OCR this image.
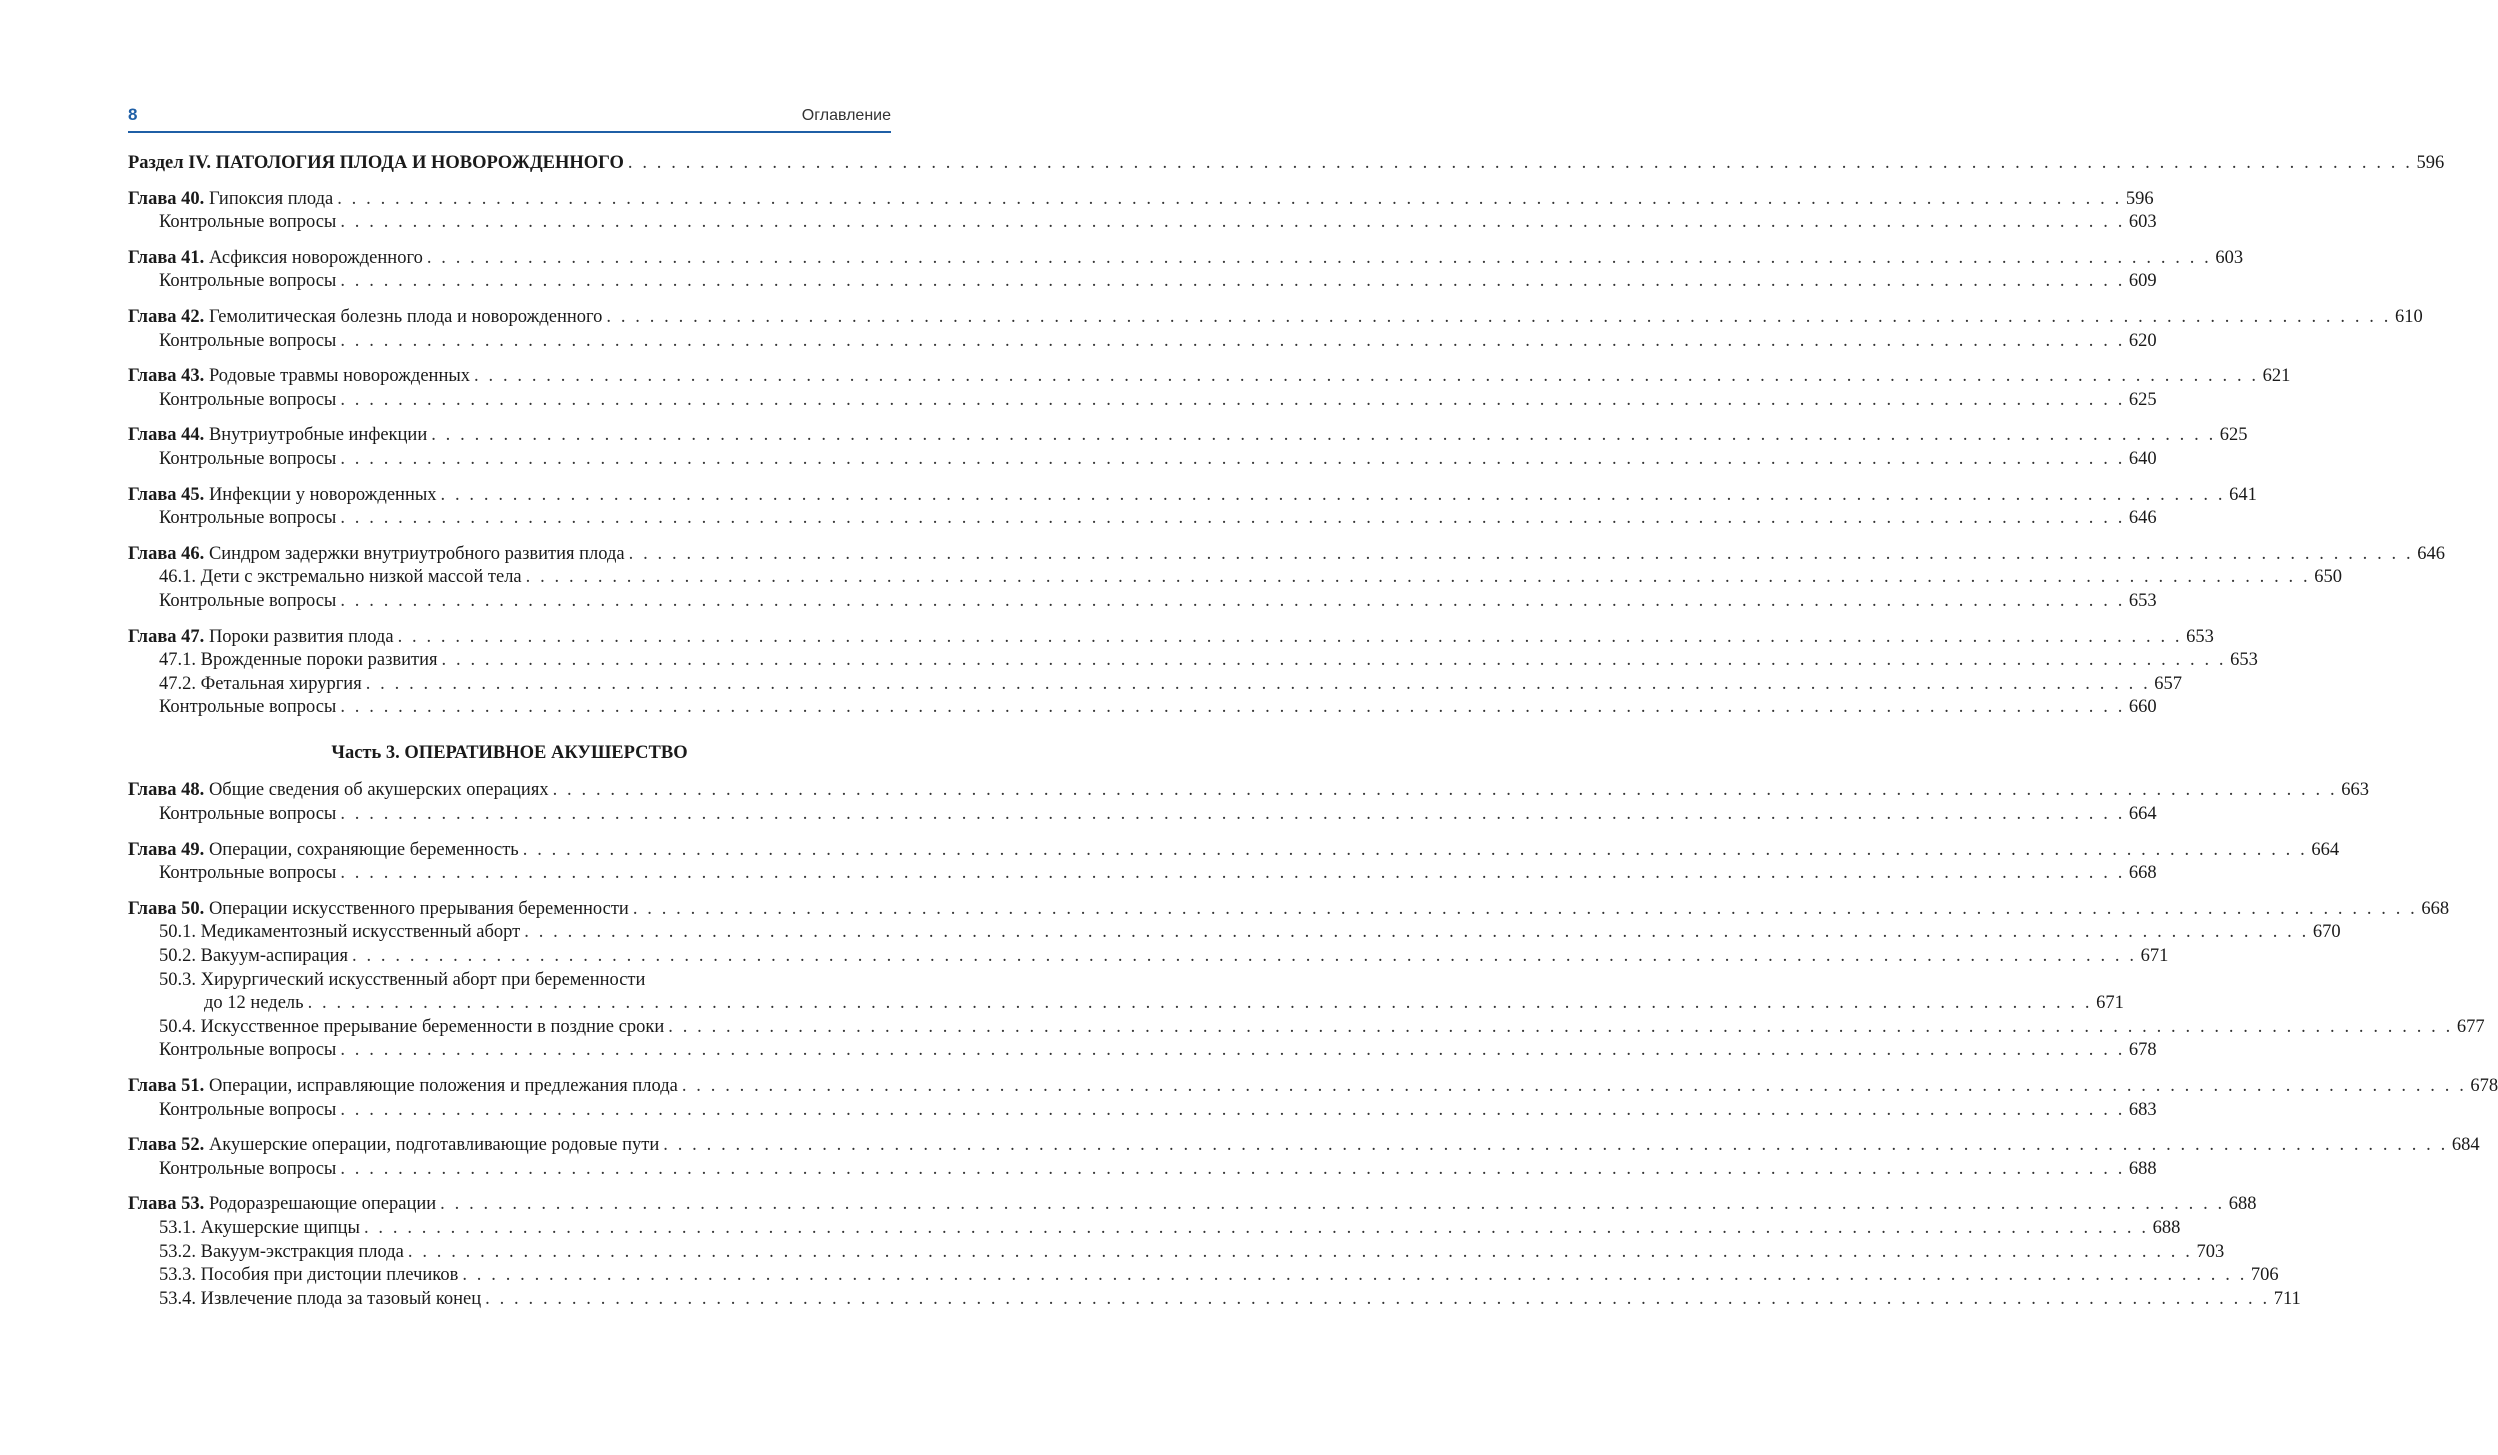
8	Оглавление
Раздел IV. ПАТОЛОГИЯ ПЛОДА И НОВОРОЖДЕННОГО . . . . . . . . . . . . . . . . . . . . . . . . . . . . . . . . . . . . . . . . . . . . . . . . . . . . . . . . . . . . . . . . . . . . . . . . . . . . . . . . . . . . . . . . . . . . . . . . . . . . . . . . . . . . . . . . . . . . . . . . . . . . 596
Глава 40. Гипоксия плода . . . . . . . . . . . . . . . . . . . . . . . . . . . . . . . . . . . . . . . . . . . . . . . . . . . . . . . . . . . . . . . . . . . . . . . . . . . . . . . . . . . . . . . . . . . . . . . . . . . . . . . . . . . . . . . . . . . . . . . . . . . . 596
Контрольные вопросы . . . . . . . . . . . . . . . . . . . . . . . . . . . . . . . . . . . . . . . . . . . . . . . . . . . . . . . . . . . . . . . . . . . . . . . . . . . . . . . . . . . . . . . . . . . . . . . . . . . . . . . . . . . . . . . . . . . . . . . . . . . . 603
Глава 41. Асфиксия новорожденного . . . . . . . . . . . . . . . . . . . . . . . . . . . . . . . . . . . . . . . . . . . . . . . . . . . . . . . . . . . . . . . . . . . . . . . . . . . . . . . . . . . . . . . . . . . . . . . . . . . . . . . . . . . . . . . . . . . . . . . . . . . . 603
Контрольные вопросы . . . . . . . . . . . . . . . . . . . . . . . . . . . . . . . . . . . . . . . . . . . . . . . . . . . . . . . . . . . . . . . . . . . . . . . . . . . . . . . . . . . . . . . . . . . . . . . . . . . . . . . . . . . . . . . . . . . . . . . . . . . . 609
Глава 42. Гемолитическая болезнь плода и новорожденного . . . . . . . . . . . . . . . . . . . . . . . . . . . . . . . . . . . . . . . . . . . . . . . . . . . . . . . . . . . . . . . . . . . . . . . . . . . . . . . . . . . . . . . . . . . . . . . . . . . . . . . . . . . . . . . . . . . . . . . . . . . . 610
Контрольные вопросы . . . . . . . . . . . . . . . . . . . . . . . . . . . . . . . . . . . . . . . . . . . . . . . . . . . . . . . . . . . . . . . . . . . . . . . . . . . . . . . . . . . . . . . . . . . . . . . . . . . . . . . . . . . . . . . . . . . . . . . . . . . . 620
Глава 43. Родовые травмы новорожденных . . . . . . . . . . . . . . . . . . . . . . . . . . . . . . . . . . . . . . . . . . . . . . . . . . . . . . . . . . . . . . . . . . . . . . . . . . . . . . . . . . . . . . . . . . . . . . . . . . . . . . . . . . . . . . . . . . . . . . . . . . . . 621
Контрольные вопросы . . . . . . . . . . . . . . . . . . . . . . . . . . . . . . . . . . . . . . . . . . . . . . . . . . . . . . . . . . . . . . . . . . . . . . . . . . . . . . . . . . . . . . . . . . . . . . . . . . . . . . . . . . . . . . . . . . . . . . . . . . . . 625
Глава 44. Внутриутробные инфекции . . . . . . . . . . . . . . . . . . . . . . . . . . . . . . . . . . . . . . . . . . . . . . . . . . . . . . . . . . . . . . . . . . . . . . . . . . . . . . . . . . . . . . . . . . . . . . . . . . . . . . . . . . . . . . . . . . . . . . . . . . . . 625
Контрольные вопросы . . . . . . . . . . . . . . . . . . . . . . . . . . . . . . . . . . . . . . . . . . . . . . . . . . . . . . . . . . . . . . . . . . . . . . . . . . . . . . . . . . . . . . . . . . . . . . . . . . . . . . . . . . . . . . . . . . . . . . . . . . . . 640
Глава 45. Инфекции у новорожденных . . . . . . . . . . . . . . . . . . . . . . . . . . . . . . . . . . . . . . . . . . . . . . . . . . . . . . . . . . . . . . . . . . . . . . . . . . . . . . . . . . . . . . . . . . . . . . . . . . . . . . . . . . . . . . . . . . . . . . . . . . . . 641
Контрольные вопросы . . . . . . . . . . . . . . . . . . . . . . . . . . . . . . . . . . . . . . . . . . . . . . . . . . . . . . . . . . . . . . . . . . . . . . . . . . . . . . . . . . . . . . . . . . . . . . . . . . . . . . . . . . . . . . . . . . . . . . . . . . . . 646
Глава 46. Синдром задержки внутриутробного развития плода . . . . . . . . . . . . . . . . . . . . . . . . . . . . . . . . . . . . . . . . . . . . . . . . . . . . . . . . . . . . . . . . . . . . . . . . . . . . . . . . . . . . . . . . . . . . . . . . . . . . . . . . . . . . . . . . . . . . . . . . . . . . 646
46.1. Дети с экстремально низкой массой тела . . . . . . . . . . . . . . . . . . . . . . . . . . . . . . . . . . . . . . . . . . . . . . . . . . . . . . . . . . . . . . . . . . . . . . . . . . . . . . . . . . . . . . . . . . . . . . . . . . . . . . . . . . . . . . . . . . . . . . . . . . . . 650
Контрольные вопросы . . . . . . . . . . . . . . . . . . . . . . . . . . . . . . . . . . . . . . . . . . . . . . . . . . . . . . . . . . . . . . . . . . . . . . . . . . . . . . . . . . . . . . . . . . . . . . . . . . . . . . . . . . . . . . . . . . . . . . . . . . . . 653
Глава 47. Пороки развития плода . . . . . . . . . . . . . . . . . . . . . . . . . . . . . . . . . . . . . . . . . . . . . . . . . . . . . . . . . . . . . . . . . . . . . . . . . . . . . . . . . . . . . . . . . . . . . . . . . . . . . . . . . . . . . . . . . . . . . . . . . . . . 653
47.1. Врожденные пороки развития . . . . . . . . . . . . . . . . . . . . . . . . . . . . . . . . . . . . . . . . . . . . . . . . . . . . . . . . . . . . . . . . . . . . . . . . . . . . . . . . . . . . . . . . . . . . . . . . . . . . . . . . . . . . . . . . . . . . . . . . . . . . 653
47.2. Фетальная хирургия . . . . . . . . . . . . . . . . . . . . . . . . . . . . . . . . . . . . . . . . . . . . . . . . . . . . . . . . . . . . . . . . . . . . . . . . . . . . . . . . . . . . . . . . . . . . . . . . . . . . . . . . . . . . . . . . . . . . . . . . . . . . 657
Контрольные вопросы . . . . . . . . . . . . . . . . . . . . . . . . . . . . . . . . . . . . . . . . . . . . . . . . . . . . . . . . . . . . . . . . . . . . . . . . . . . . . . . . . . . . . . . . . . . . . . . . . . . . . . . . . . . . . . . . . . . . . . . . . . . . 660
Часть 3. ОПЕРАТИВНОЕ АКУШЕРСТВО
Глава 48. Общие сведения об акушерских операциях . . . . . . . . . . . . . . . . . . . . . . . . . . . . . . . . . . . . . . . . . . . . . . . . . . . . . . . . . . . . . . . . . . . . . . . . . . . . . . . . . . . . . . . . . . . . . . . . . . . . . . . . . . . . . . . . . . . . . . . . . . . . 663
Контрольные вопросы . . . . . . . . . . . . . . . . . . . . . . . . . . . . . . . . . . . . . . . . . . . . . . . . . . . . . . . . . . . . . . . . . . . . . . . . . . . . . . . . . . . . . . . . . . . . . . . . . . . . . . . . . . . . . . . . . . . . . . . . . . . . 664
Глава 49. Операции, сохраняющие беременность . . . . . . . . . . . . . . . . . . . . . . . . . . . . . . . . . . . . . . . . . . . . . . . . . . . . . . . . . . . . . . . . . . . . . . . . . . . . . . . . . . . . . . . . . . . . . . . . . . . . . . . . . . . . . . . . . . . . . . . . . . . . 664
Контрольные вопросы . . . . . . . . . . . . . . . . . . . . . . . . . . . . . . . . . . . . . . . . . . . . . . . . . . . . . . . . . . . . . . . . . . . . . . . . . . . . . . . . . . . . . . . . . . . . . . . . . . . . . . . . . . . . . . . . . . . . . . . . . . . . 668
Глава 50. Операции искусственного прерывания беременности . . . . . . . . . . . . . . . . . . . . . . . . . . . . . . . . . . . . . . . . . . . . . . . . . . . . . . . . . . . . . . . . . . . . . . . . . . . . . . . . . . . . . . . . . . . . . . . . . . . . . . . . . . . . . . . . . . . . . . . . . . . . 668
50.1. Медикаментозный искусственный аборт . . . . . . . . . . . . . . . . . . . . . . . . . . . . . . . . . . . . . . . . . . . . . . . . . . . . . . . . . . . . . . . . . . . . . . . . . . . . . . . . . . . . . . . . . . . . . . . . . . . . . . . . . . . . . . . . . . . . . . . . . . . . 670
50.2. Вакуум-аспирация . . . . . . . . . . . . . . . . . . . . . . . . . . . . . . . . . . . . . . . . . . . . . . . . . . . . . . . . . . . . . . . . . . . . . . . . . . . . . . . . . . . . . . . . . . . . . . . . . . . . . . . . . . . . . . . . . . . . . . . . . . . . 671
50.3. Хирургический искусственный аборт при беременности
до 12 недель . . . . . . . . . . . . . . . . . . . . . . . . . . . . . . . . . . . . . . . . . . . . . . . . . . . . . . . . . . . . . . . . . . . . . . . . . . . . . . . . . . . . . . . . . . . . . . . . . . . . . . . . . . . . . . . . . . . . . . . . . . . . 671
50.4. Искусственное прерывание беременности в поздние сроки . . . . . . . . . . . . . . . . . . . . . . . . . . . . . . . . . . . . . . . . . . . . . . . . . . . . . . . . . . . . . . . . . . . . . . . . . . . . . . . . . . . . . . . . . . . . . . . . . . . . . . . . . . . . . . . . . . . . . . . . . . . . 677
Контрольные вопросы . . . . . . . . . . . . . . . . . . . . . . . . . . . . . . . . . . . . . . . . . . . . . . . . . . . . . . . . . . . . . . . . . . . . . . . . . . . . . . . . . . . . . . . . . . . . . . . . . . . . . . . . . . . . . . . . . . . . . . . . . . . . 678
Глава 51. Операции, исправляющие положения и предлежания плода . . . . . . . . . . . . . . . . . . . . . . . . . . . . . . . . . . . . . . . . . . . . . . . . . . . . . . . . . . . . . . . . . . . . . . . . . . . . . . . . . . . . . . . . . . . . . . . . . . . . . . . . . . . . . . . . . . . . . . . . . . . . 678
Контрольные вопросы . . . . . . . . . . . . . . . . . . . . . . . . . . . . . . . . . . . . . . . . . . . . . . . . . . . . . . . . . . . . . . . . . . . . . . . . . . . . . . . . . . . . . . . . . . . . . . . . . . . . . . . . . . . . . . . . . . . . . . . . . . . . 683
Глава 52. Акушерские операции, подготавливающие родовые пути . . . . . . . . . . . . . . . . . . . . . . . . . . . . . . . . . . . . . . . . . . . . . . . . . . . . . . . . . . . . . . . . . . . . . . . . . . . . . . . . . . . . . . . . . . . . . . . . . . . . . . . . . . . . . . . . . . . . . . . . . . . . 684
Контрольные вопросы . . . . . . . . . . . . . . . . . . . . . . . . . . . . . . . . . . . . . . . . . . . . . . . . . . . . . . . . . . . . . . . . . . . . . . . . . . . . . . . . . . . . . . . . . . . . . . . . . . . . . . . . . . . . . . . . . . . . . . . . . . . . 688
Глава 53. Родоразрешающие операции . . . . . . . . . . . . . . . . . . . . . . . . . . . . . . . . . . . . . . . . . . . . . . . . . . . . . . . . . . . . . . . . . . . . . . . . . . . . . . . . . . . . . . . . . . . . . . . . . . . . . . . . . . . . . . . . . . . . . . . . . . . . 688
53.1. Акушерские щипцы . . . . . . . . . . . . . . . . . . . . . . . . . . . . . . . . . . . . . . . . . . . . . . . . . . . . . . . . . . . . . . . . . . . . . . . . . . . . . . . . . . . . . . . . . . . . . . . . . . . . . . . . . . . . . . . . . . . . . . . . . . . . 688
53.2. Вакуум-экстракция плода . . . . . . . . . . . . . . . . . . . . . . . . . . . . . . . . . . . . . . . . . . . . . . . . . . . . . . . . . . . . . . . . . . . . . . . . . . . . . . . . . . . . . . . . . . . . . . . . . . . . . . . . . . . . . . . . . . . . . . . . . . . . 703
53.3. Пособия при дистоции плечиков . . . . . . . . . . . . . . . . . . . . . . . . . . . . . . . . . . . . . . . . . . . . . . . . . . . . . . . . . . . . . . . . . . . . . . . . . . . . . . . . . . . . . . . . . . . . . . . . . . . . . . . . . . . . . . . . . . . . . . . . . . . . 706
53.4. Извлечение плода за тазовый конец . . . . . . . . . . . . . . . . . . . . . . . . . . . . . . . . . . . . . . . . . . . . . . . . . . . . . . . . . . . . . . . . . . . . . . . . . . . . . . . . . . . . . . . . . . . . . . . . . . . . . . . . . . . . . . . . . . . . . . . . . . . . 711
